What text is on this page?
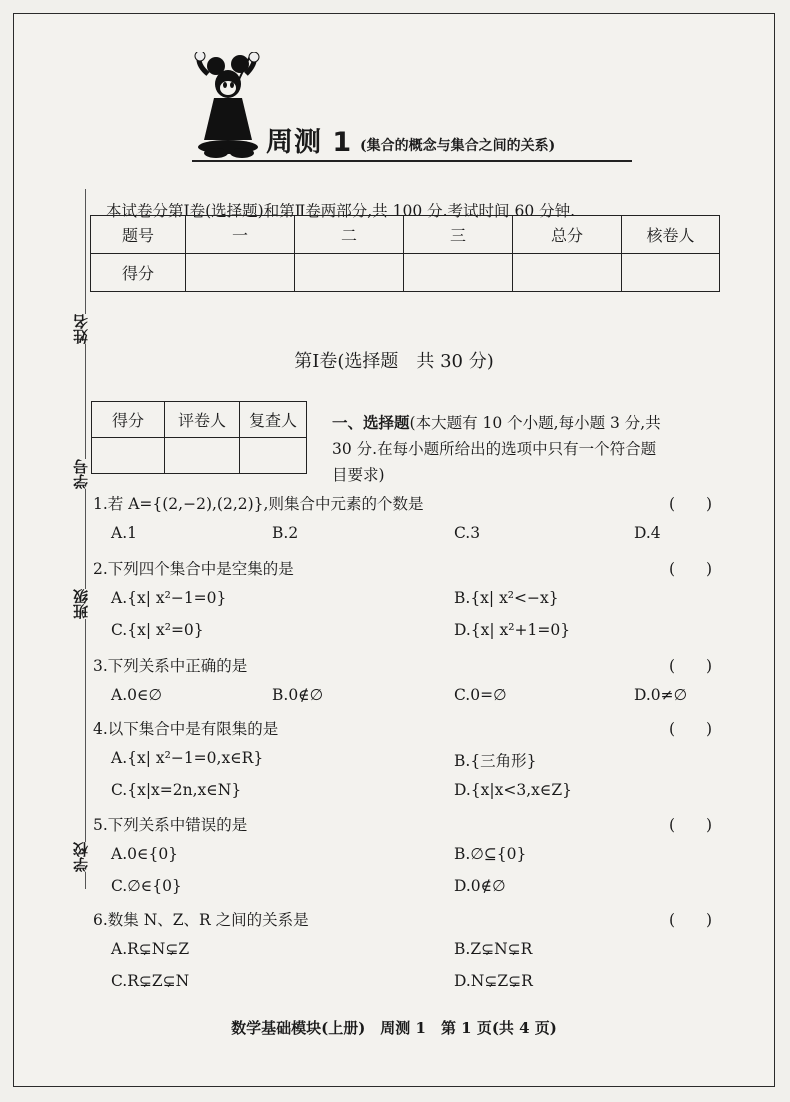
周测 1 (集合的概念与集合之间的关系)
姓名
学号
班级
学校
本试卷分第Ⅰ卷(选择题)和第Ⅱ卷两部分,共 100 分.考试时间 60 分钟.
题号	一	二	三	总分	核卷人
得分					
第Ⅰ卷(选择题　共 30 分)
得分	评卷人	复查人
		一、选择题(本大题有 10 个小题,每小题 3 分,共
30 分.在每小题所给出的选项中只有一个符合题
目要求)
1.若 A={(2,−2),(2,2)},则集合中元素的个数是	(　　)
A.1	B.2	C.3	D.4
2.下列四个集合中是空集的是	(　　)
A.{x| x²−1=0}	B.{x| x²<−x}
C.{x| x²=0}	D.{x| x²+1=0}
3.下列关系中正确的是	(　　)
A.0∈∅	B.0∉∅	C.0=∅	D.0≠∅
4.以下集合中是有限集的是	(　　)
A.{x| x²−1=0,x∈R}	B.{三角形}
C.{x|x=2n,x∈N}	D.{x|x<3,x∈Z}
5.下列关系中错误的是	(　　)
A.0∈{0}	B.∅⊆{0}
C.∅∈{0}	D.0∉∅
6.数集 N、Z、R 之间的关系是	(　　)
A.R⊊N⊊Z	B.Z⊊N⊊R
C.R⊊Z⊊N	D.N⊊Z⊊R
数学基础模块(上册)　周测 1　第 1 页(共 4 页)
